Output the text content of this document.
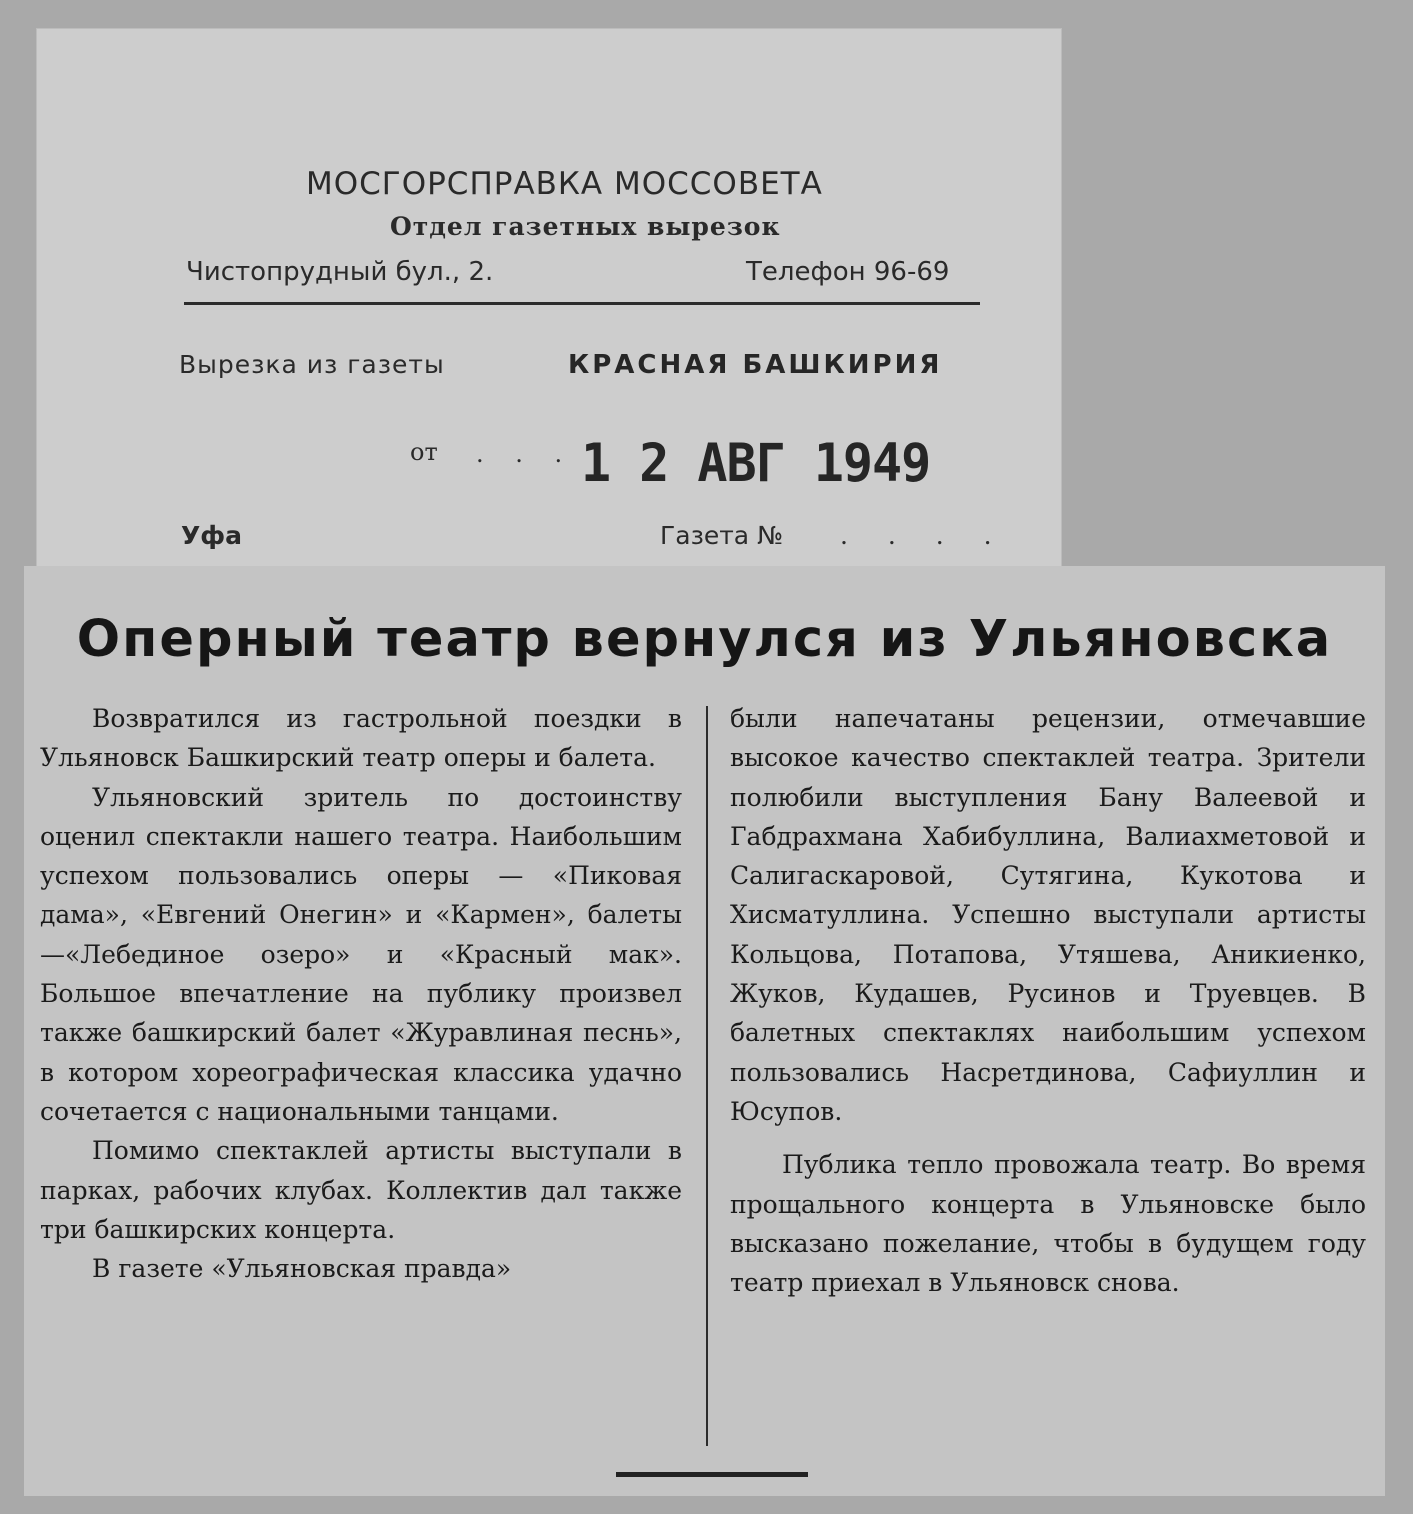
МОСГОРСПРАВКА МОССОВЕТА
Отдел газетных вырезок
Чистопрудный бул., 2.	Телефон 96-69
Вырезка из газеты	КРАСНАЯ БАШКИРИЯ
от . . . 1 2 АВГ 1949
Уфа	Газета № . . . .
Оперный театр вернулся из Ульяновска

Возвратился из гастрольной поездки в Ульяновск Башкирский театр оперы и балета.

Ульяновский зритель по достоинству оценил спектакли нашего театра. Наибольшим успехом пользовались оперы — «Пиковая дама», «Евгений Онегин» и «Кармен», балеты—«Лебединое озеро» и «Красный мак». Большое впечатление на публику произвел также башкирский балет «Журавлиная песнь», в котором хореографическая классика удачно сочетается с национальными танцами.

Помимо спектаклей артисты выступали в парках, рабочих клубах. Коллектив дал также три башкирских концерта.

В газете «Ульяновская правда»

были напечатаны рецензии, отмечавшие высокое качество спектаклей театра. Зрители полюбили выступления Бану Валеевой и Габдрахмана Хабибуллина, Валиахметовой и Салигаскаровой, Сутягина, Кукотова и Хисматуллина. Успешно выступали артисты Кольцова, Потапова, Утяшева, Аникиенко, Жуков, Кудашев, Русинов и Труевцев. В балетных спектаклях наибольшим успехом пользовались Насретдинова, Сафиуллин и Юсупов.

Публика тепло провожала театр. Во время прощального концерта в Ульяновске было высказано пожелание, чтобы в будущем году театр приехал в Ульяновск снова.
